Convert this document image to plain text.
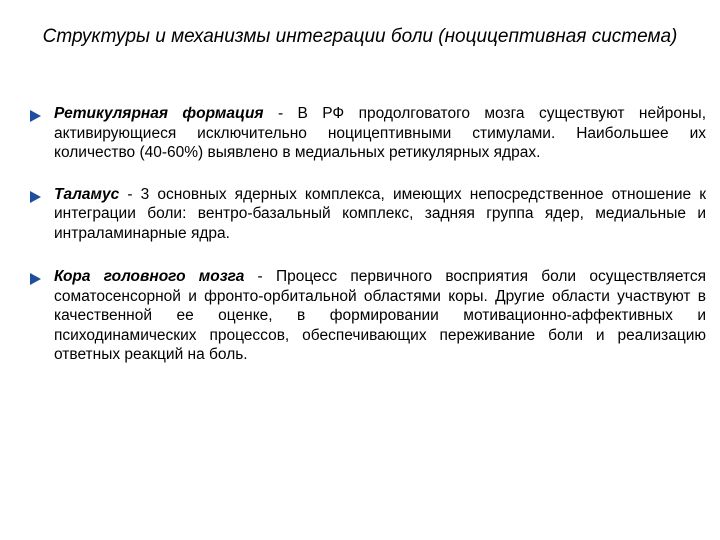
Структуры и механизмы интеграции боли (ноцицептивная система)
Ретикулярная формация - В РФ продолговатого мозга существуют нейроны, активирующиеся исключительно ноцицептивными стимулами. Наибольшее их количество (40-60%) выявлено в медиальных ретикулярных ядрах.
Таламус - 3 основных ядерных комплекса, имеющих непосредственное отношение к интеграции боли: вентро-базальный комплекс, задняя группа ядер, медиальные и интраламинарные ядра.
Кора головного мозга - Процесс первичного восприятия боли осуществляется соматосенсорной и фронто-орбитальной областями коры. Другие области участвуют в качественной ее оценке, в формировании мотивационно-аффективных и психодинамических процессов, обеспечивающих переживание боли и реализацию ответных реакций на боль.
